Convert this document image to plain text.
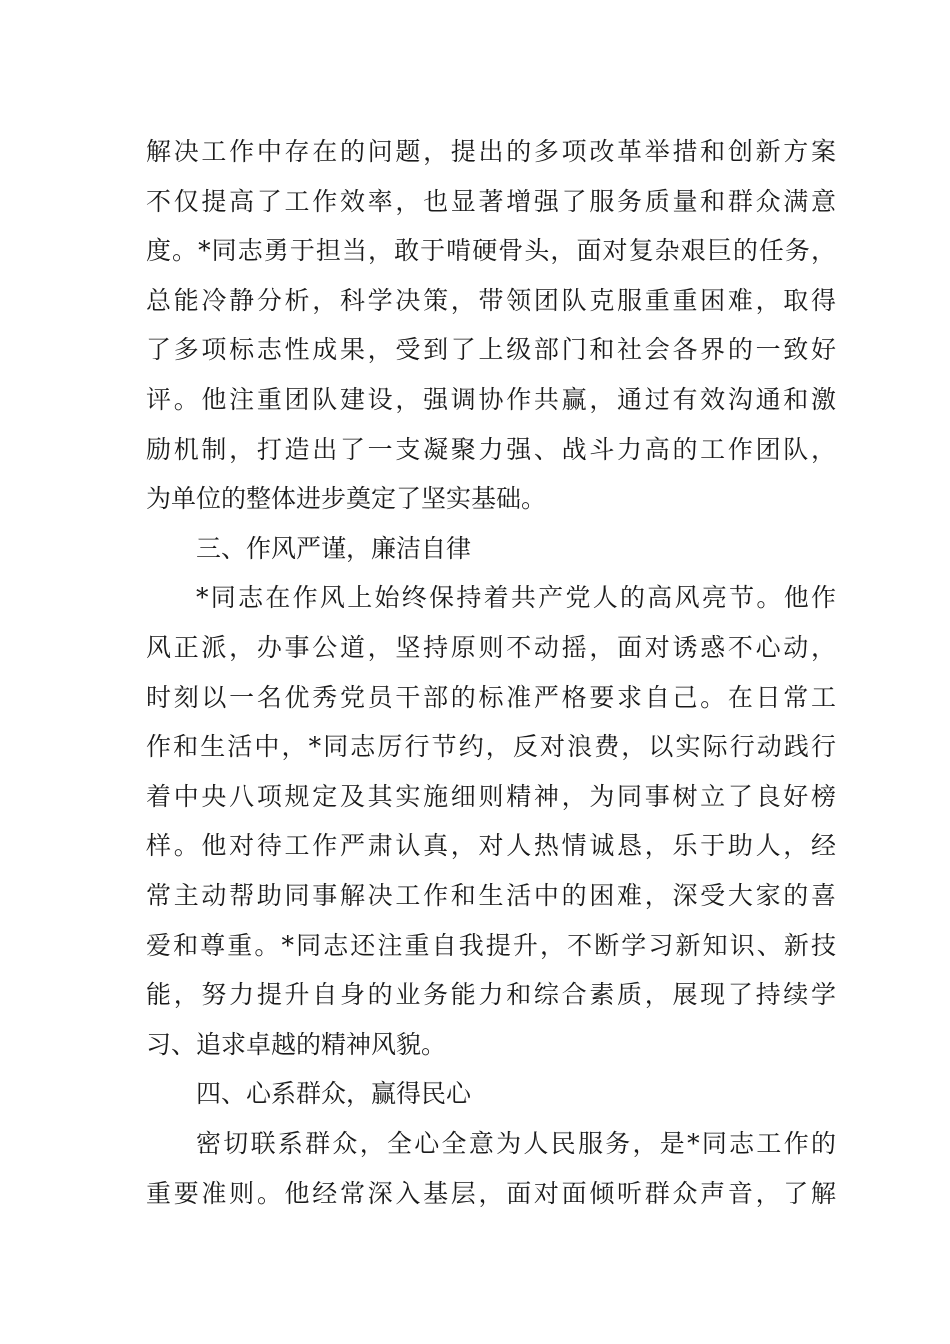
解决工作中存在的问题，提出的多项改革举措和创新方案
不仅提高了工作效率，也显著增强了服务质量和群众满意
度。*同志勇于担当，敢于啃硬骨头，面对复杂艰巨的任务，
总能冷静分析，科学决策，带领团队克服重重困难，取得
了多项标志性成果，受到了上级部门和社会各界的一致好
评。他注重团队建设，强调协作共赢，通过有效沟通和激
励机制，打造出了一支凝聚力强、战斗力高的工作团队，
为单位的整体进步奠定了坚实基础。
三、作风严谨，廉洁自律
*同志在作风上始终保持着共产党人的高风亮节。他作
风正派，办事公道，坚持原则不动摇，面对诱惑不心动，
时刻以一名优秀党员干部的标准严格要求自己。在日常工
作和生活中，*同志厉行节约，反对浪费，以实际行动践行
着中央八项规定及其实施细则精神，为同事树立了良好榜
样。他对待工作严肃认真，对人热情诚恳，乐于助人，经
常主动帮助同事解决工作和生活中的困难，深受大家的喜
爱和尊重。*同志还注重自我提升，不断学习新知识、新技
能，努力提升自身的业务能力和综合素质，展现了持续学
习、追求卓越的精神风貌。
四、心系群众，赢得民心
密切联系群众，全心全意为人民服务，是*同志工作的
重要准则。他经常深入基层，面对面倾听群众声音，了解
